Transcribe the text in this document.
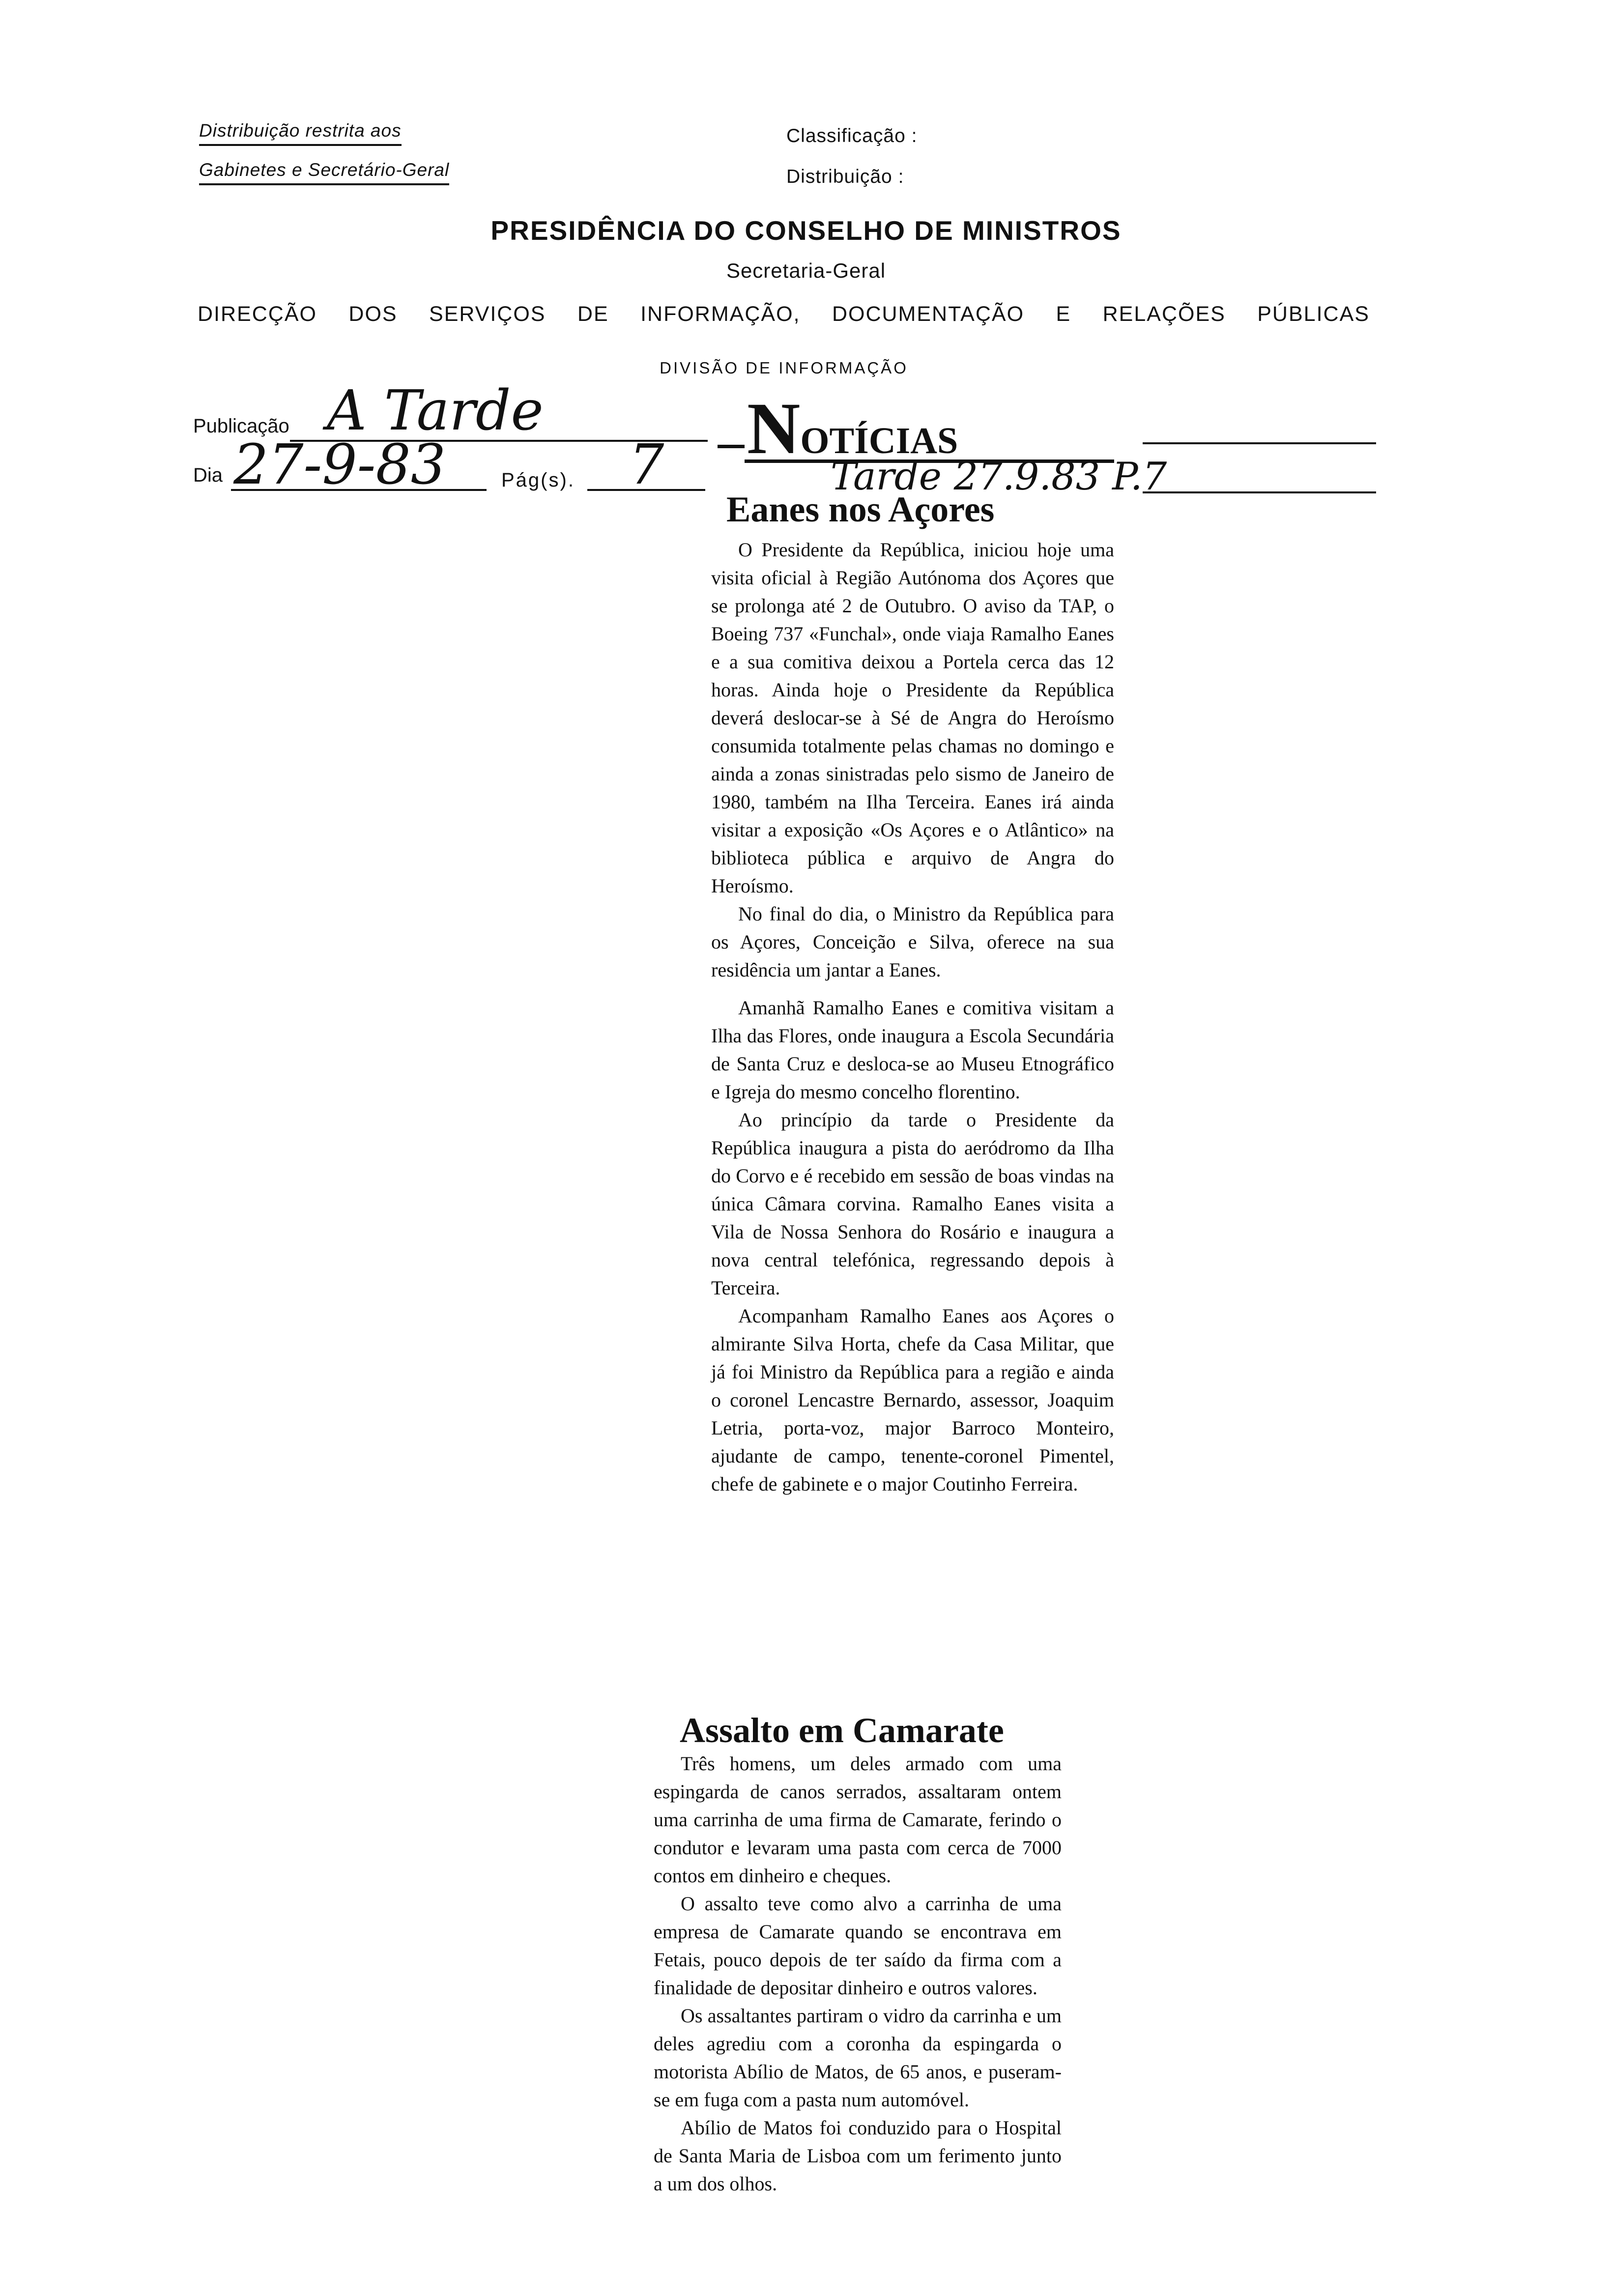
Distribuição restrita aos
Gabinetes e Secretário-Geral
Classificação :
Distribuição :
PRESIDÊNCIA DO CONSELHO DE MINISTROS
Secretaria-Geral
DIRECÇÃO DOS SERVIÇOS DE INFORMAÇÃO, DOCUMENTAÇÃO E RELAÇÕES PÚBLICAS
DIVISÃO DE INFORMAÇÃO
Publicação A Tarde
Dia 27-9-83	Pág(s). 7 NOTÍCIAS
Tarde 27.9.83 P.7
Eanes nos Açores

O Presidente da República, iniciou hoje uma visita oficial à Região Autónoma dos Açores que se prolonga até 2 de Outubro. O aviso da TAP, o Boeing 737 «Funchal», onde viaja Ramalho Eanes e a sua comitiva deixou a Portela cerca das 12 horas. Ainda hoje o Presidente da República deverá deslocar-se à Sé de Angra do Heroísmo consumida totalmente pelas chamas no domingo e ainda a zonas sinistradas pelo sismo de Janeiro de 1980, também na Ilha Terceira. Eanes irá ainda visitar a exposição «Os Açores e o Atlântico» na biblioteca pública e arquivo de Angra do Heroísmo.

No final do dia, o Ministro da República para os Açores, Conceição e Silva, oferece na sua residência um jantar a Eanes.

Amanhã Ramalho Eanes e comitiva visitam a Ilha das Flores, onde inaugura a Escola Secundária de Santa Cruz e desloca-se ao Museu Etnográfico e Igreja do mesmo concelho florentino.

Ao princípio da tarde o Presidente da República inaugura a pista do aeródromo da Ilha do Corvo e é recebido em sessão de boas vindas na única Câmara corvina. Ramalho Eanes visita a Vila de Nossa Senhora do Rosário e inaugura a nova central telefónica, regressando depois à Terceira.

Acompanham Ramalho Eanes aos Açores o almirante Silva Horta, chefe da Casa Militar, que já foi Ministro da República para a região e ainda o coronel Lencastre Bernardo, assessor, Joaquim Letria, porta-voz, major Barroco Monteiro, ajudante de campo, tenente-coronel Pimentel, chefe de gabinete e o major Coutinho Ferreira.

Assalto em Camarate

Três homens, um deles armado com uma espingarda de canos serrados, assaltaram ontem uma carrinha de uma firma de Camarate, ferindo o condutor e levaram uma pasta com cerca de 7000 contos em dinheiro e cheques.

O assalto teve como alvo a carrinha de uma empresa de Camarate quando se encontrava em Fetais, pouco depois de ter saído da firma com a finalidade de depositar dinheiro e outros valores.

Os assaltantes partiram o vidro da carrinha e um deles agrediu com a coronha da espingarda o motorista Abílio de Matos, de 65 anos, e puseram-se em fuga com a pasta num automóvel.

Abílio de Matos foi conduzido para o Hospital de Santa Maria de Lisboa com um ferimento junto a um dos olhos.
